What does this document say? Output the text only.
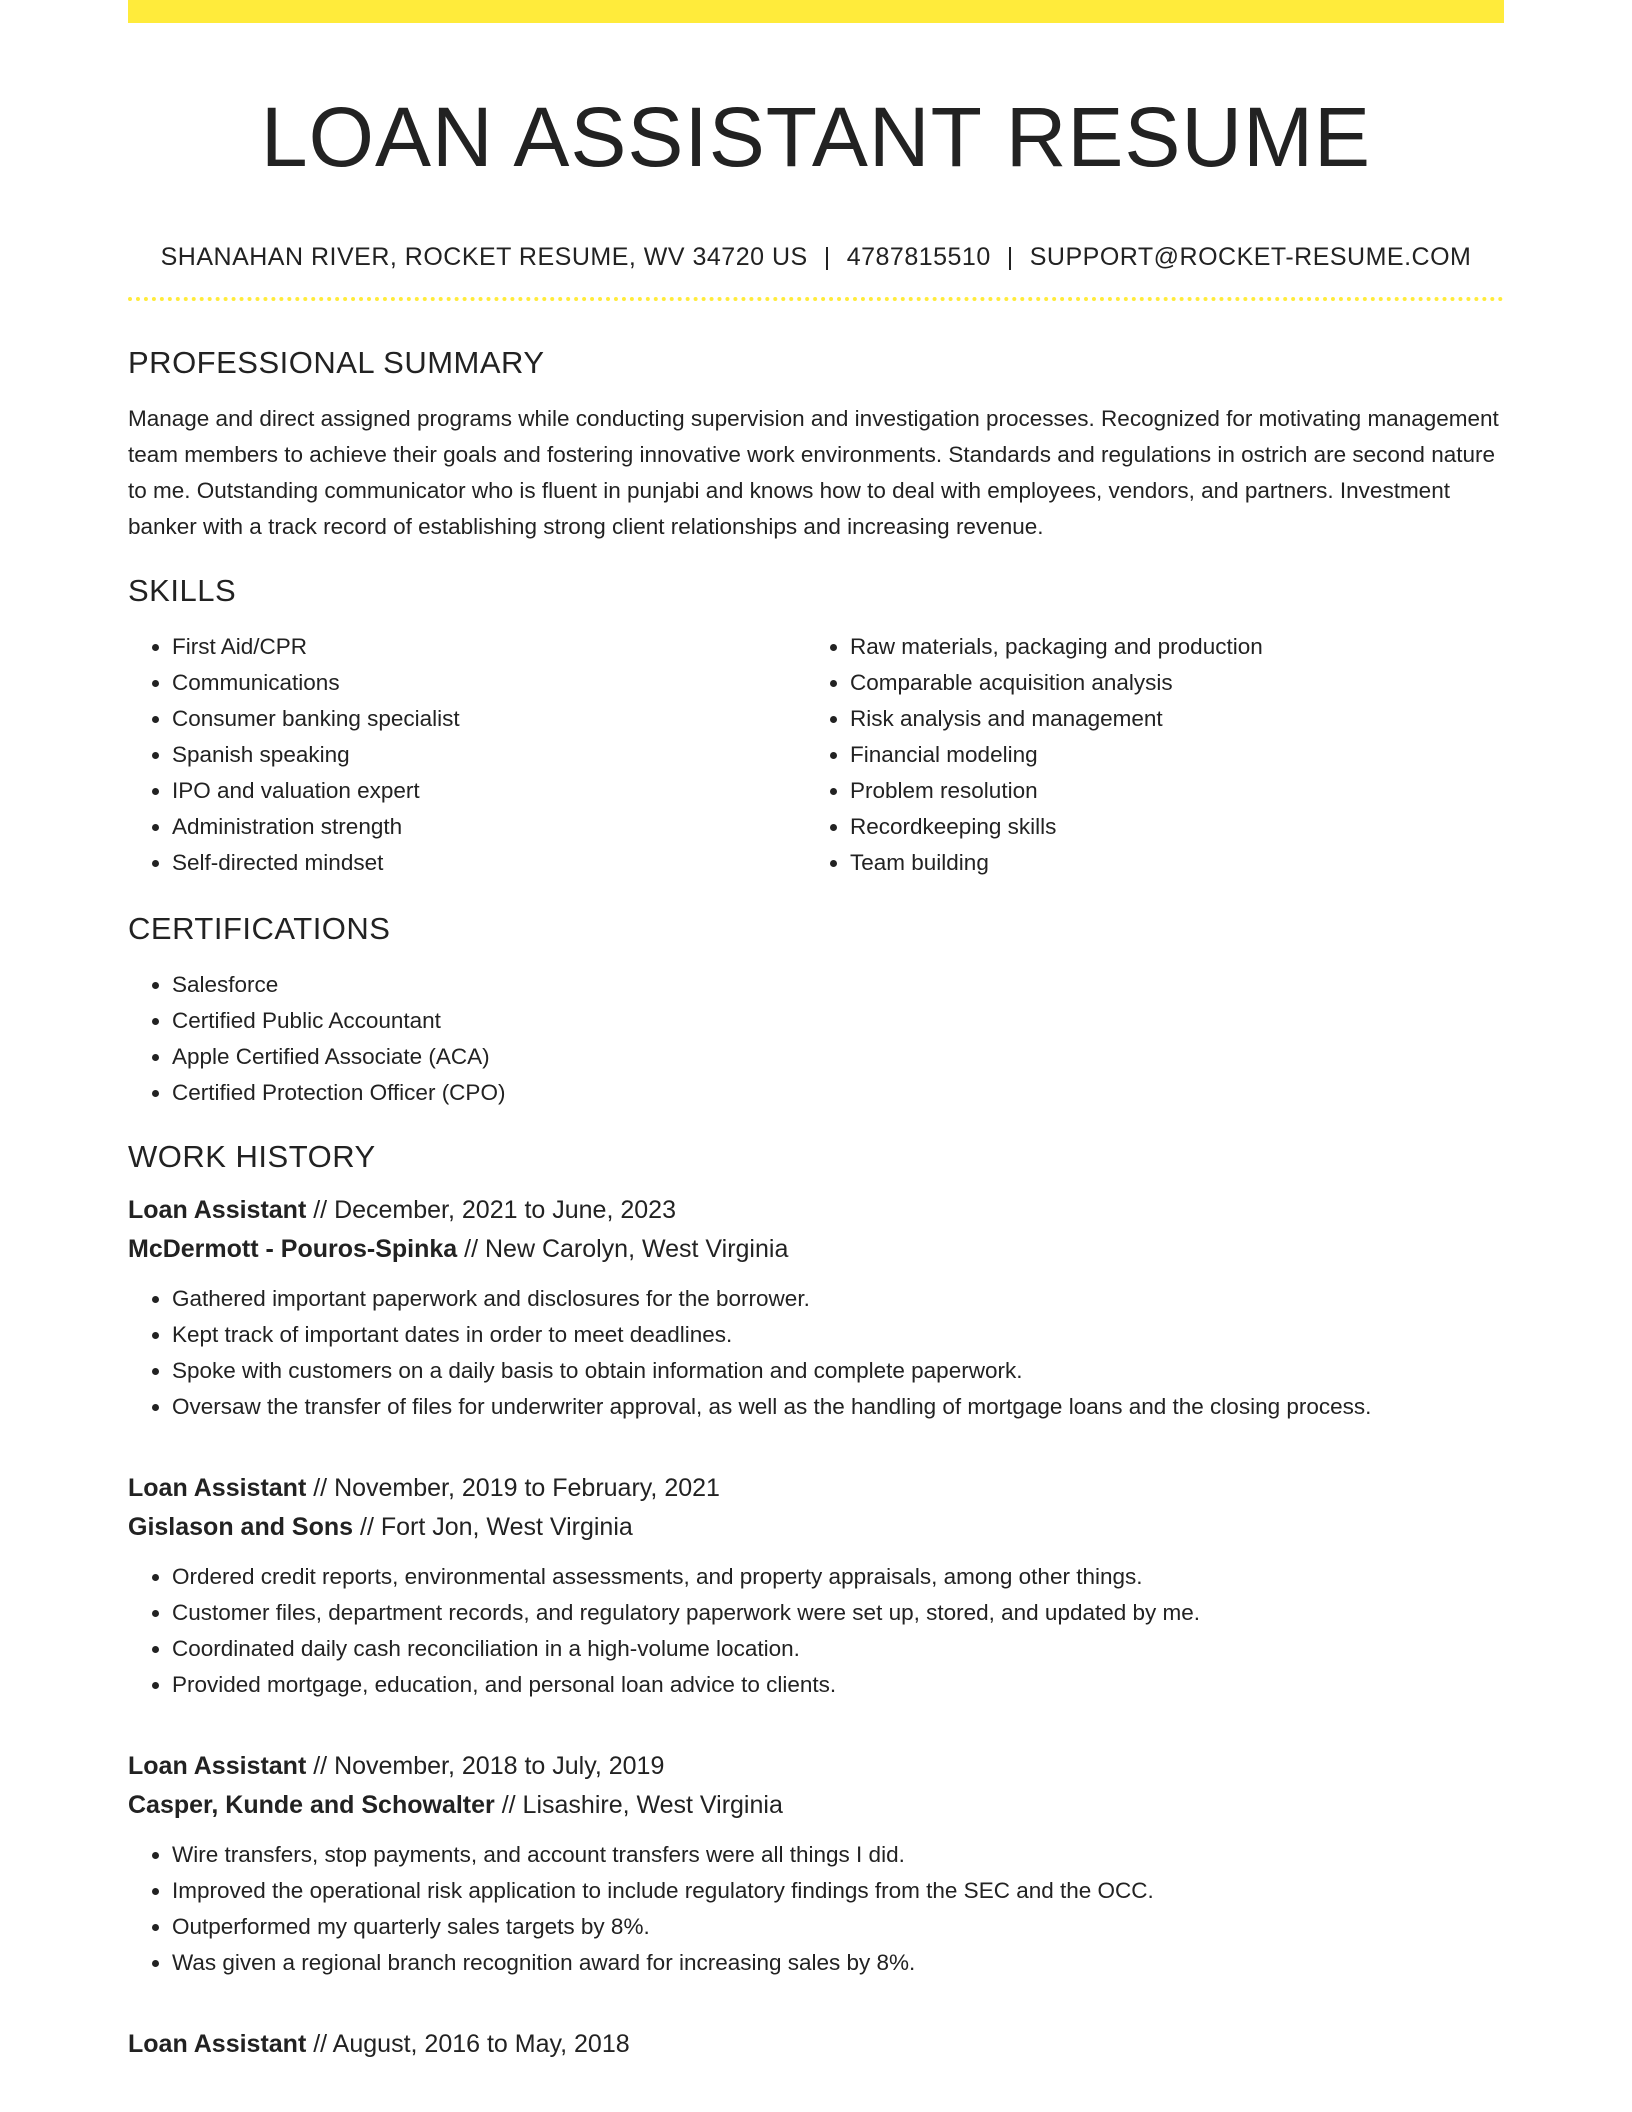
LOAN ASSISTANT RESUME
SHANAHAN RIVER, ROCKET RESUME, WV 34720 US | 4787815510 | SUPPORT@ROCKET-RESUME.COM
PROFESSIONAL SUMMARY

Manage and direct assigned programs while conducting supervision and investigation processes. Recognized for motivating management team members to achieve their goals and fostering innovative work environments. Standards and regulations in ostrich are second nature to me. Outstanding communicator who is fluent in punjabi and knows how to deal with employees, vendors, and partners. Investment banker with a track record of establishing strong client relationships and increasing revenue.

SKILLS
• First Aid/CPR
• Communications
• Consumer banking specialist
• Spanish speaking
• IPO and valuation expert
• Administration strength
• Self-directed mindset
• Raw materials, packaging and production
• Comparable acquisition analysis
• Risk analysis and management
• Financial modeling
• Problem resolution
• Recordkeeping skills
• Team building
CERTIFICATIONS
• Salesforce
• Certified Public Accountant
• Apple Certified Associate (ACA)
• Certified Protection Officer (CPO)
WORK HISTORY
Loan Assistant // December, 2021 to June, 2023
McDermott - Pouros-Spinka // New Carolyn, West Virginia
• Gathered important paperwork and disclosures for the borrower.
• Kept track of important dates in order to meet deadlines.
• Spoke with customers on a daily basis to obtain information and complete paperwork.
• Oversaw the transfer of files for underwriter approval, as well as the handling of mortgage loans and the closing process.
Loan Assistant // November, 2019 to February, 2021
Gislason and Sons // Fort Jon, West Virginia
• Ordered credit reports, environmental assessments, and property appraisals, among other things.
• Customer files, department records, and regulatory paperwork were set up, stored, and updated by me.
• Coordinated daily cash reconciliation in a high-volume location.
• Provided mortgage, education, and personal loan advice to clients.
Loan Assistant // November, 2018 to July, 2019
Casper, Kunde and Schowalter // Lisashire, West Virginia
• Wire transfers, stop payments, and account transfers were all things I did.
• Improved the operational risk application to include regulatory findings from the SEC and the OCC.
• Outperformed my quarterly sales targets by 8%.
• Was given a regional branch recognition award for increasing sales by 8%.
Loan Assistant // August, 2016 to May, 2018
